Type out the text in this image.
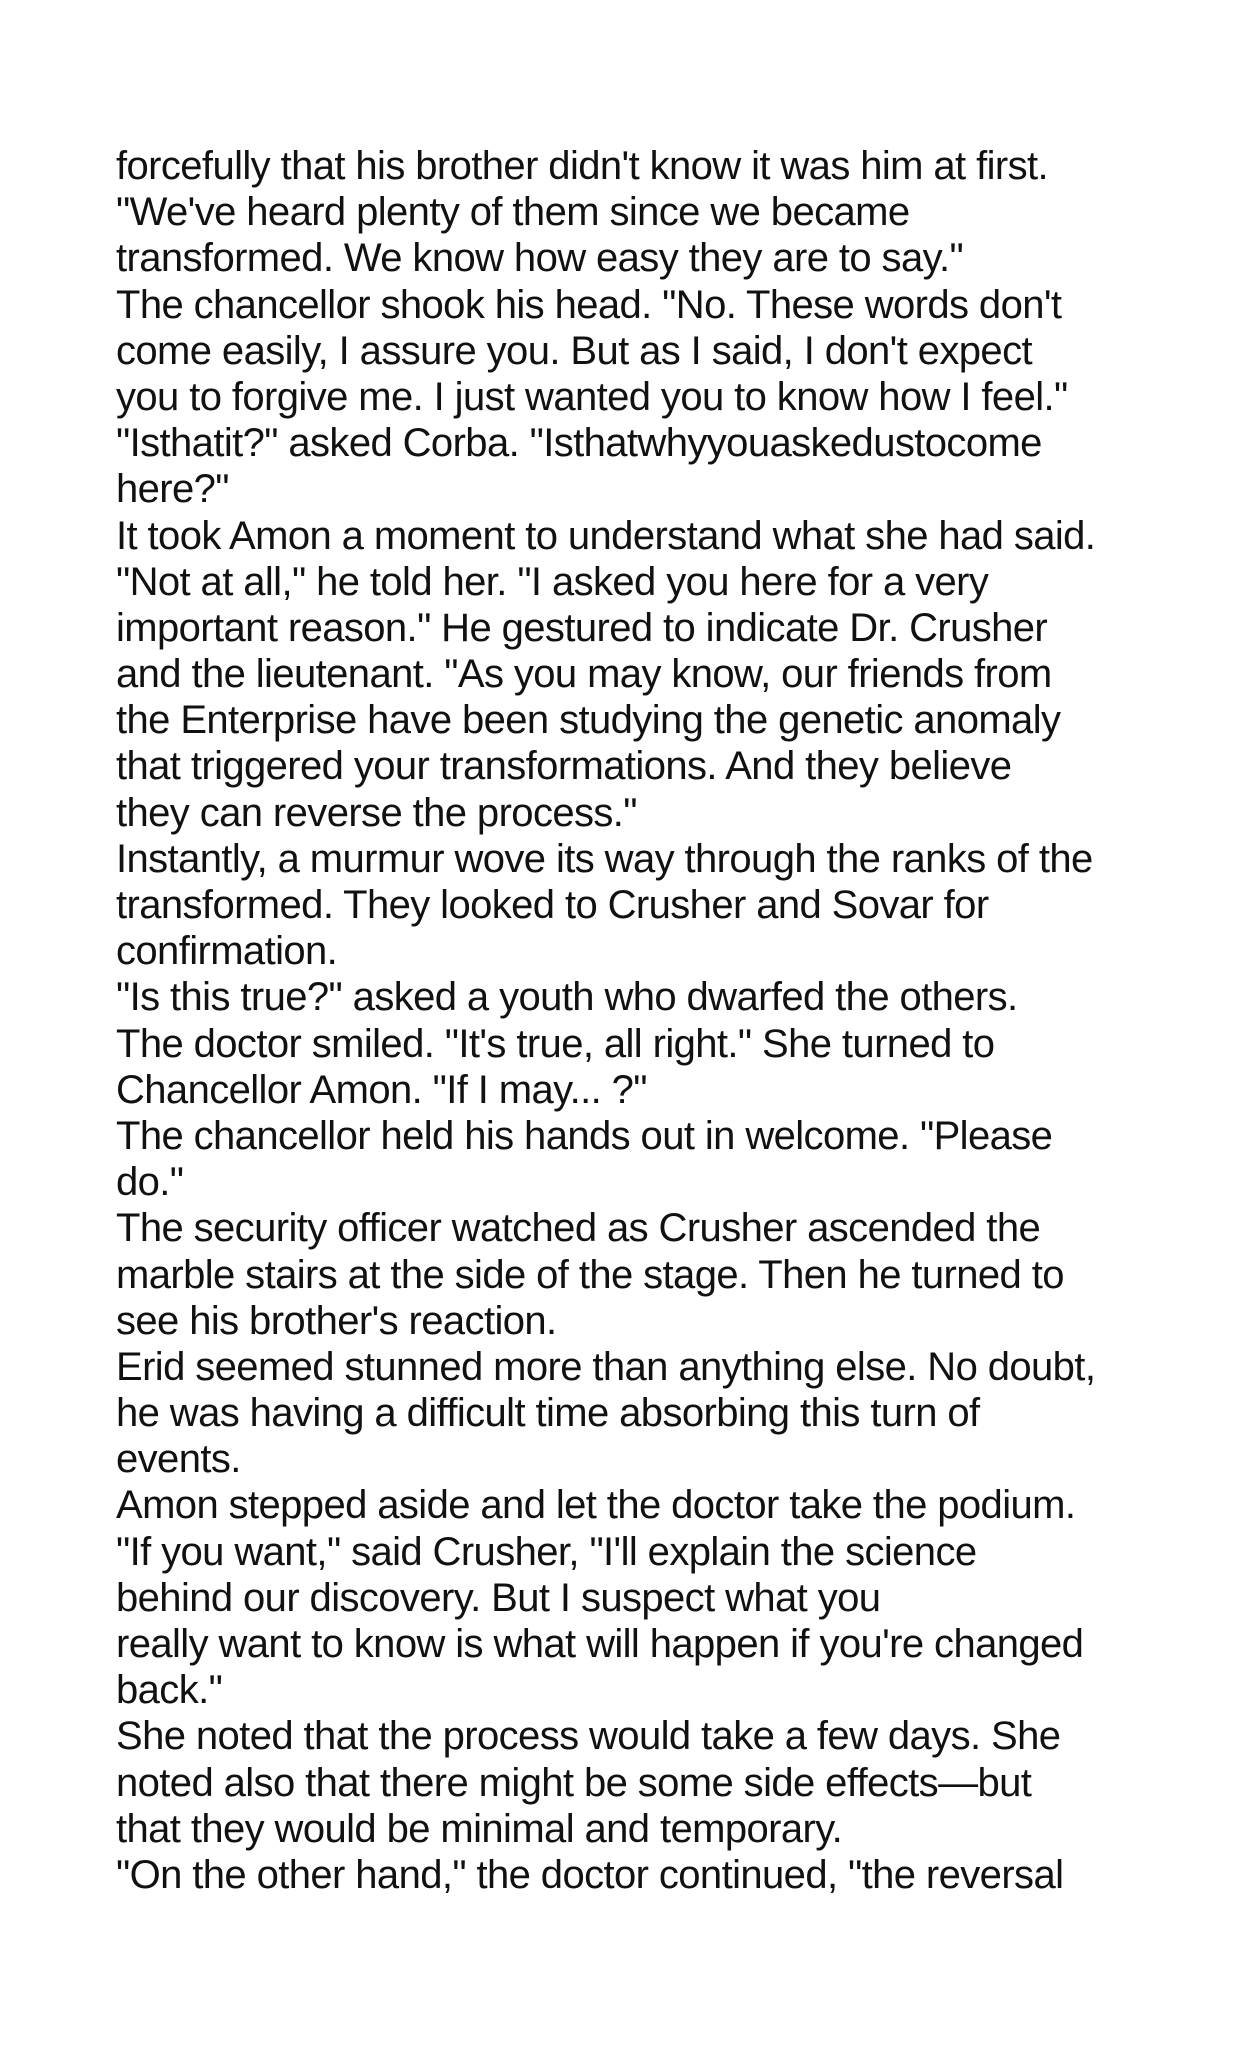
forcefully that his brother didn't know it was him at first.
"We've heard plenty of them since we became
transformed. We know how easy they are to say."
The chancellor shook his head. "No. These words don't
come easily, I assure you. But as I said, I don't expect
you to forgive me. I just wanted you to know how I feel."
"Isthatit?" asked Corba. "Isthatwhyyouaskedustocome
here?"
It took Amon a moment to understand what she had said.
"Not at all," he told her. "I asked you here for a very
important reason." He gestured to indicate Dr. Crusher
and the lieutenant. "As you may know, our friends from
the Enterprise have been studying the genetic anomaly
that triggered your transformations. And they believe
they can reverse the process."
Instantly, a murmur wove its way through the ranks of the
transformed. They looked to Crusher and Sovar for
confirmation.
"Is this true?" asked a youth who dwarfed the others.
The doctor smiled. "It's true, all right." She turned to
Chancellor Amon. "If I may... ?"
The chancellor held his hands out in welcome. "Please
do."
The security officer watched as Crusher ascended the
marble stairs at the side of the stage. Then he turned to
see his brother's reaction.
Erid seemed stunned more than anything else. No doubt,
he was having a difficult time absorbing this turn of
events.
Amon stepped aside and let the doctor take the podium.
"If you want," said Crusher, "I'll explain the science
behind our discovery. But I suspect what you
really want to know is what will happen if you're changed
back."
She noted that the process would take a few days. She
noted also that there might be some side effects—but
that they would be minimal and temporary.
"On the other hand," the doctor continued, "the reversal
